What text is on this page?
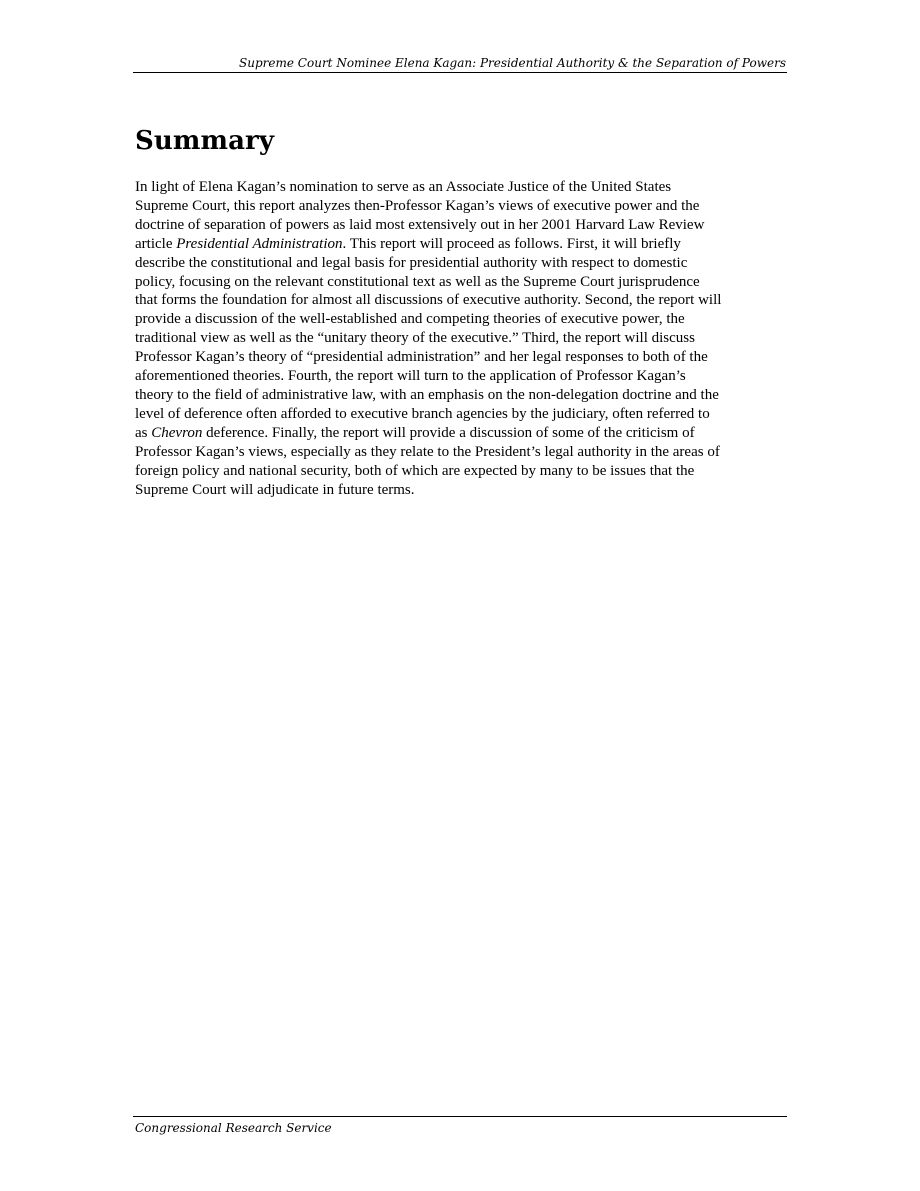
Supreme Court Nominee Elena Kagan: Presidential Authority & the Separation of Powers
Summary

In light of Elena Kagan’s nomination to serve as an Associate Justice of the United States
Supreme Court, this report analyzes then-Professor Kagan’s views of executive power and the
doctrine of separation of powers as laid most extensively out in her 2001 Harvard Law Review
article Presidential Administration. This report will proceed as follows. First, it will briefly
describe the constitutional and legal basis for presidential authority with respect to domestic
policy, focusing on the relevant constitutional text as well as the Supreme Court jurisprudence
that forms the foundation for almost all discussions of executive authority. Second, the report will
provide a discussion of the well-established and competing theories of executive power, the
traditional view as well as the “unitary theory of the executive.” Third, the report will discuss
Professor Kagan’s theory of “presidential administration” and her legal responses to both of the
aforementioned theories. Fourth, the report will turn to the application of Professor Kagan’s
theory to the field of administrative law, with an emphasis on the non-delegation doctrine and the
level of deference often afforded to executive branch agencies by the judiciary, often referred to
as Chevron deference. Finally, the report will provide a discussion of some of the criticism of
Professor Kagan’s views, especially as they relate to the President’s legal authority in the areas of
foreign policy and national security, both of which are expected by many to be issues that the
Supreme Court will adjudicate in future terms.

Congressional Research Service
